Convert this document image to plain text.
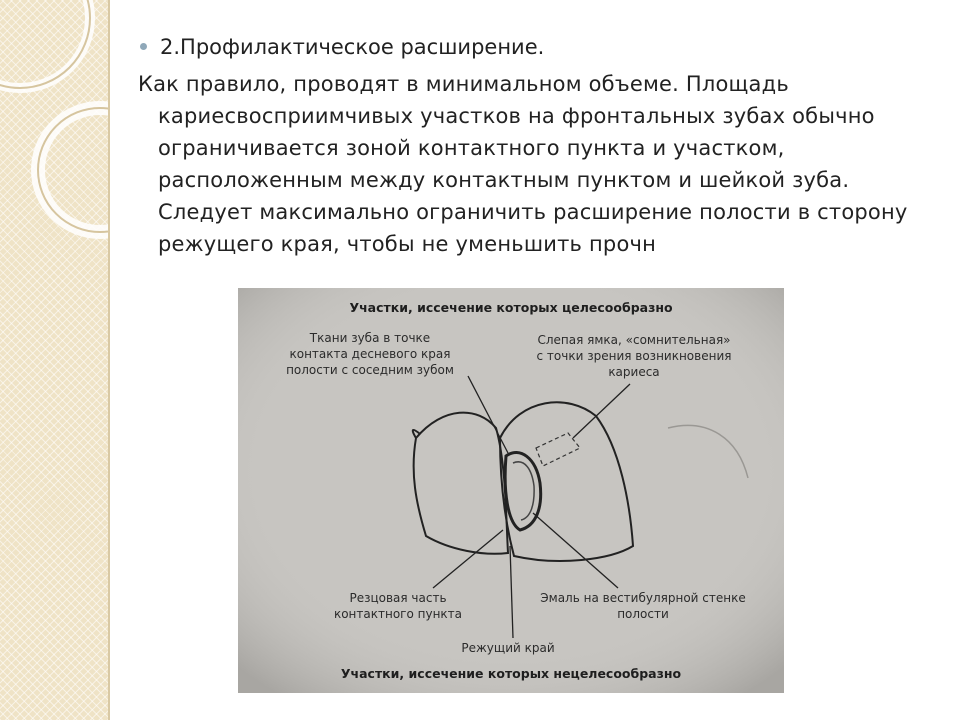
2.Профилактическое расширение.
Как правило, проводят в минимальном объеме. Площадь кариесвосприимчивых участков на фронтальных зубах обычно ограничивается зоной контактного пункта и участком, расположенным между контактным пунктом и шейкой зуба. Следует максимально ограничить расширение полости в сторону режущего края, чтобы не уменьшить прочн
Участки, иссечение которых целесообразно
Ткани зуба в точке контакта десневого края полости с соседним зубом
Слепая ямка, «сомнительная» с точки зрения возникновения кариеса
Резцовая часть контактного пункта
Эмаль на вестибулярной стенке полости
Режущий край
Участки, иссечение которых нецелесообразно
